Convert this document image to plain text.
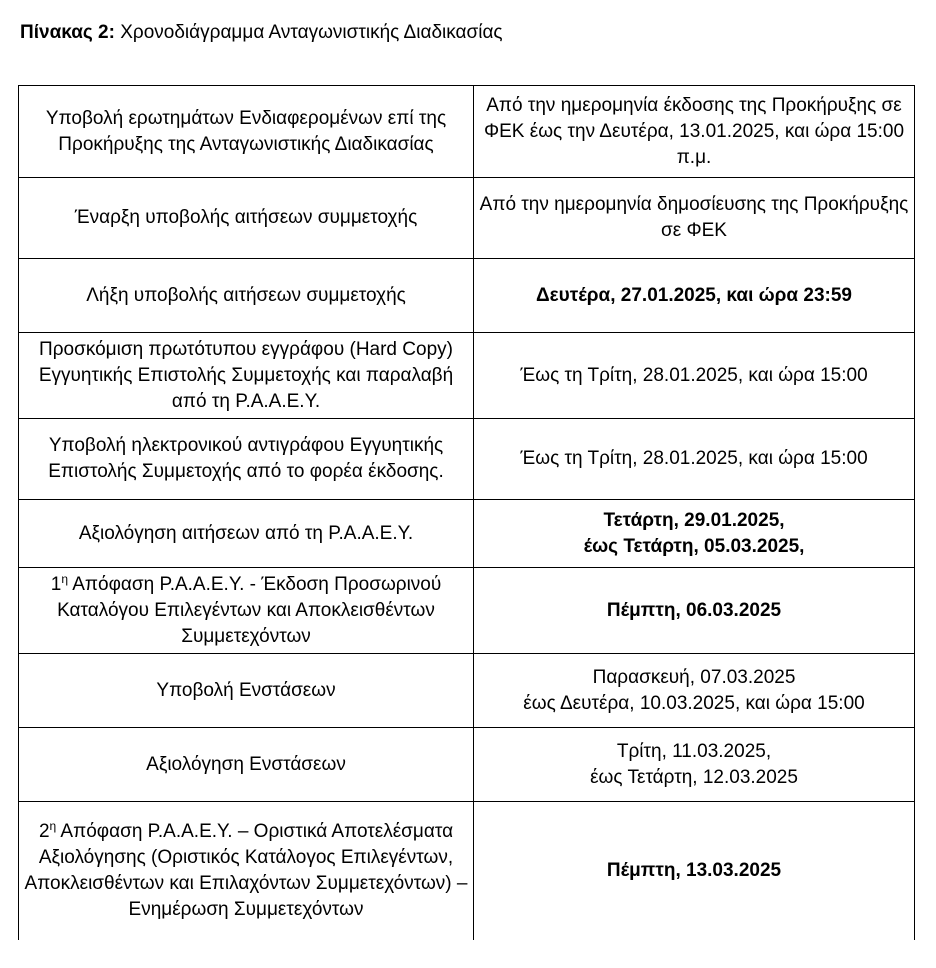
Πίνακας 2: Χρονοδιάγραμμα Ανταγωνιστικής Διαδικασίας
Υποβολή ερωτημάτων Ενδιαφερομένων επί της Προκήρυξης της Ανταγωνιστικής Διαδικασίας	Από την ημερομηνία έκδοσης της Προκήρυξης σε ΦΕΚ έως την Δευτέρα, 13.01.2025, και ώρα 15:00 π.μ.
Έναρξη υποβολής αιτήσεων συμμετοχής	Από την ημερομηνία δημοσίευσης της Προκήρυξης σε ΦΕΚ
Λήξη υποβολής αιτήσεων συμμετοχής	Δευτέρα, 27.01.2025, και ώρα 23:59
Προσκόμιση πρωτότυπου εγγράφου (Hard Copy) Εγγυητικής Επιστολής Συμμετοχής και παραλαβή από τη Ρ.Α.Α.Ε.Υ.	Έως τη Τρίτη, 28.01.2025, και ώρα 15:00
Υποβολή ηλεκτρονικού αντιγράφου Εγγυητικής Επιστολής Συμμετοχής από το φορέα έκδοσης.	Έως τη Τρίτη, 28.01.2025, και ώρα 15:00
Αξιολόγηση αιτήσεων από τη Ρ.Α.Α.Ε.Υ.	Τετάρτη, 29.01.2025,
έως Τετάρτη, 05.03.2025,

$1^\eta$ Απόφαση Ρ.Α.Α.Ε.Υ. - Έκδοση Προσωρινού Καταλόγου Επιλεγέντων και Αποκλεισθέντων Συμμετεχόντων	Πέμπτη, 06.03.2025
Υποβολή Ενστάσεων	Παρασκευή, 07.03.2025
έως Δευτέρα, 10.03.2025, και ώρα 15:00

Αξιολόγηση Ενστάσεων	Τρίτη, 11.03.2025,
έως Τετάρτη, 12.03.2025

$2^\eta$ Απόφαση Ρ.Α.Α.Ε.Υ. – Οριστικά Αποτελέσματα Αξιολόγησης (Οριστικός Κατάλογος Επιλεγέντων, Αποκλεισθέντων και Επιλαχόντων Συμμετεχόντων) – Ενημέρωση Συμμετεχόντων	Πέμπτη, 13.03.2025
